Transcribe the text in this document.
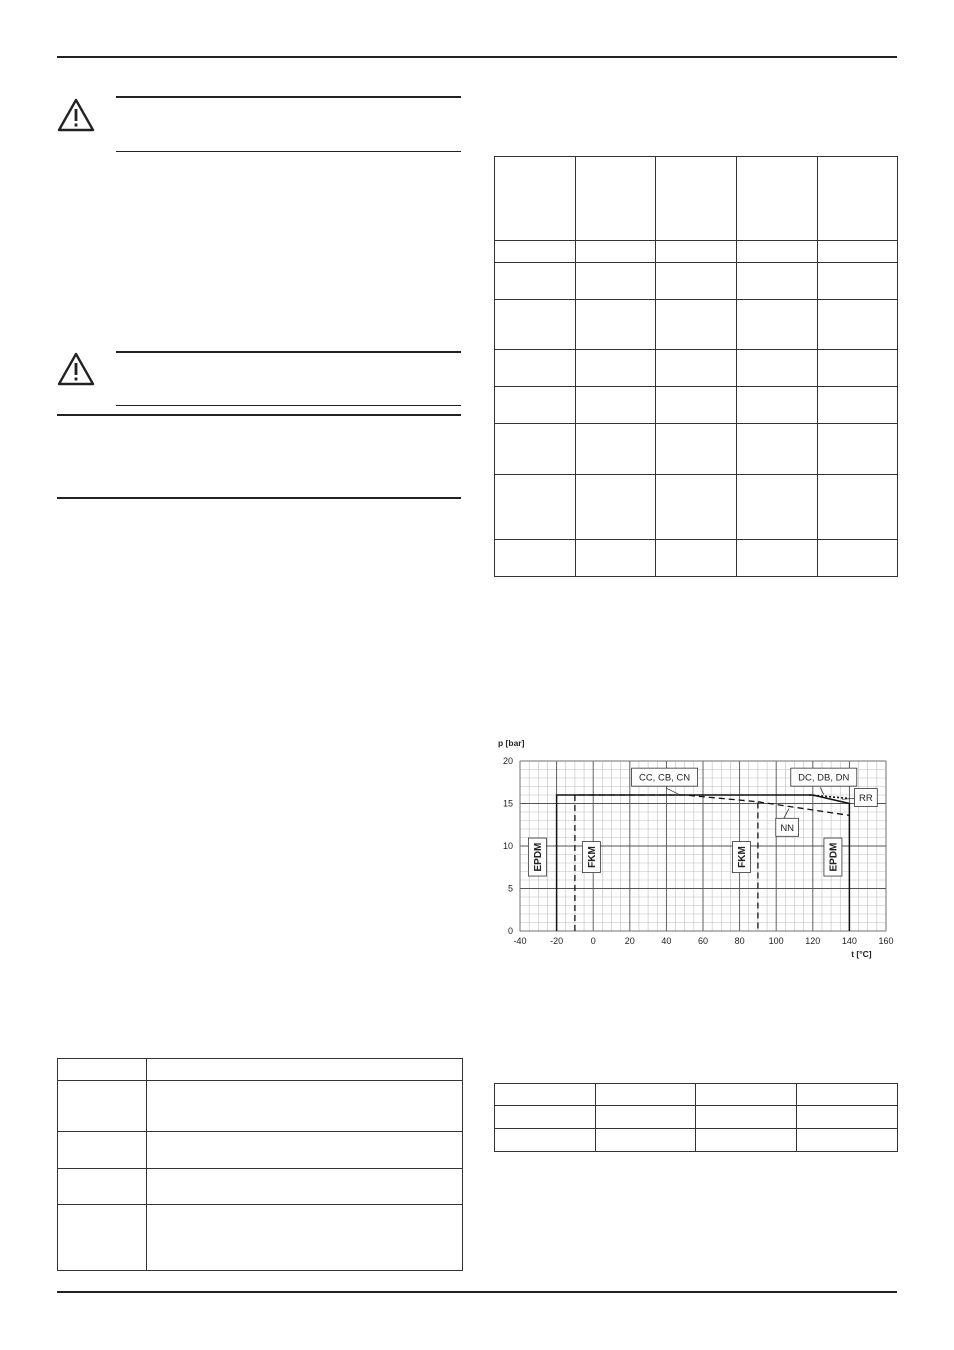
-40	-20	0	20	40	60	80	100 120 140 160
0
5
10
15
20
p [bar]
t [°C]
CC, CB, CN	DC, DB, DN
RR
NN
EPDM	FKM	FKM	EPDM
